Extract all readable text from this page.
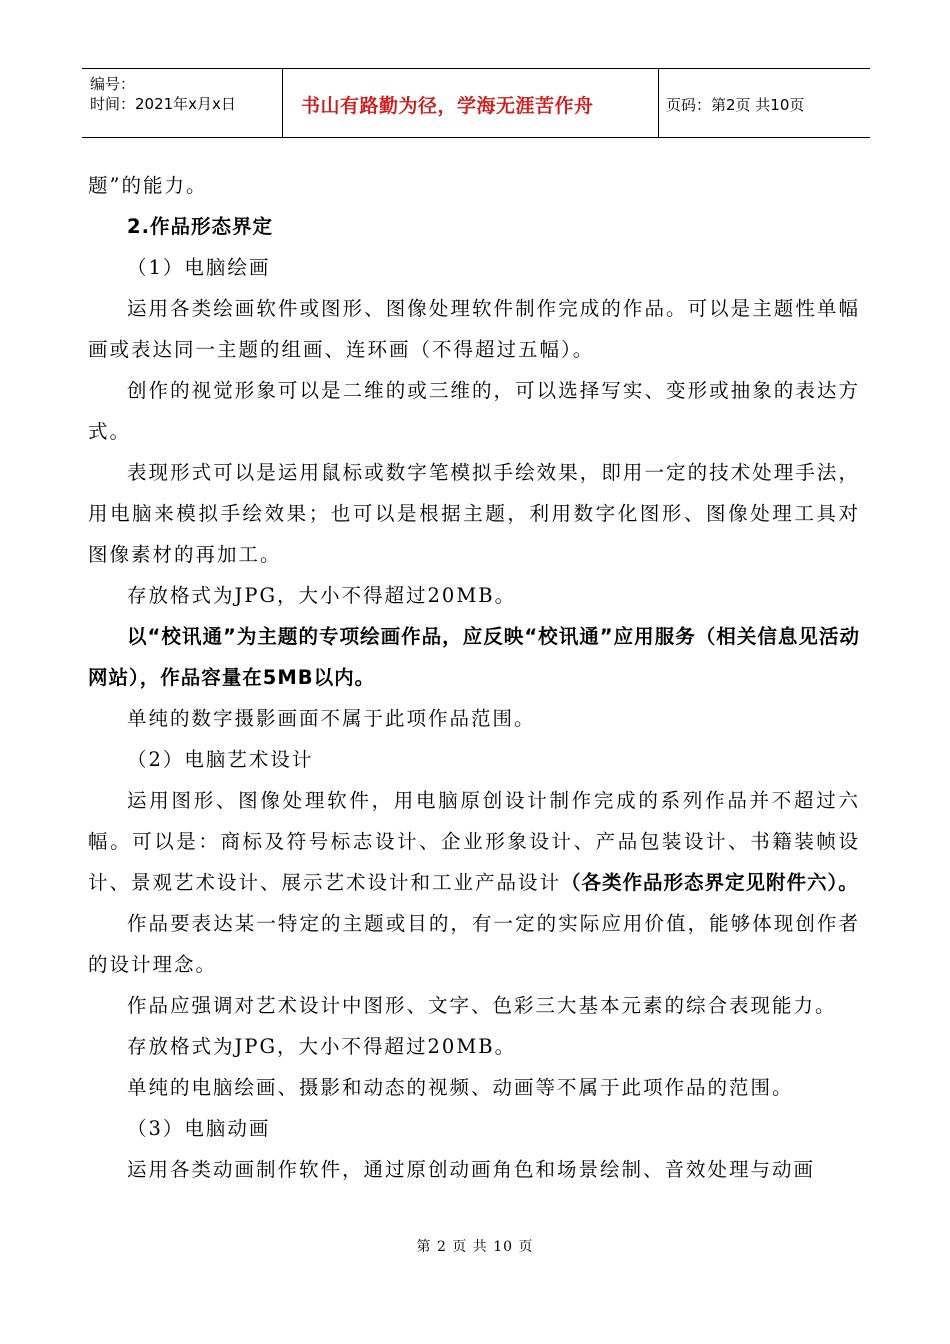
编号：
时间：2021年x月x日	书山有路勤为径，学海无涯苦作舟	页码：第2页 共10页

题”的能力。

2.作品形态界定

（1）电脑绘画

运用各类绘画软件或图形、图像处理软件制作完成的作品。可以是主题性单幅画或表达同一主题的组画、连环画（不得超过五幅）。

创作的视觉形象可以是二维的或三维的，可以选择写实、变形或抽象的表达方式。

表现形式可以是运用鼠标或数字笔模拟手绘效果，即用一定的技术处理手法，用电脑来模拟手绘效果；也可以是根据主题，利用数字化图形、图像处理工具对图像素材的再加工。

存放格式为JPG，大小不得超过20MB。

以“校讯通”为主题的专项绘画作品，应反映“校讯通”应用服务（相关信息见活动网站），作品容量在5MB以内。

单纯的数字摄影画面不属于此项作品范围。

（2）电脑艺术设计

运用图形、图像处理软件，用电脑原创设计制作完成的系列作品并不超过六幅。可以是：商标及符号标志设计、企业形象设计、产品包装设计、书籍装帧设计、景观艺术设计、展示艺术设计和工业产品设计（各类作品形态界定见附件六）。

作品要表达某一特定的主题或目的，有一定的实际应用价值，能够体现创作者的设计理念。

作品应强调对艺术设计中图形、文字、色彩三大基本元素的综合表现能力。

存放格式为JPG，大小不得超过20MB。

单纯的电脑绘画、摄影和动态的视频、动画等不属于此项作品的范围。

（3）电脑动画

运用各类动画制作软件，通过原创动画角色和场景绘制、音效处理与动画

第 2 页 共 10 页
